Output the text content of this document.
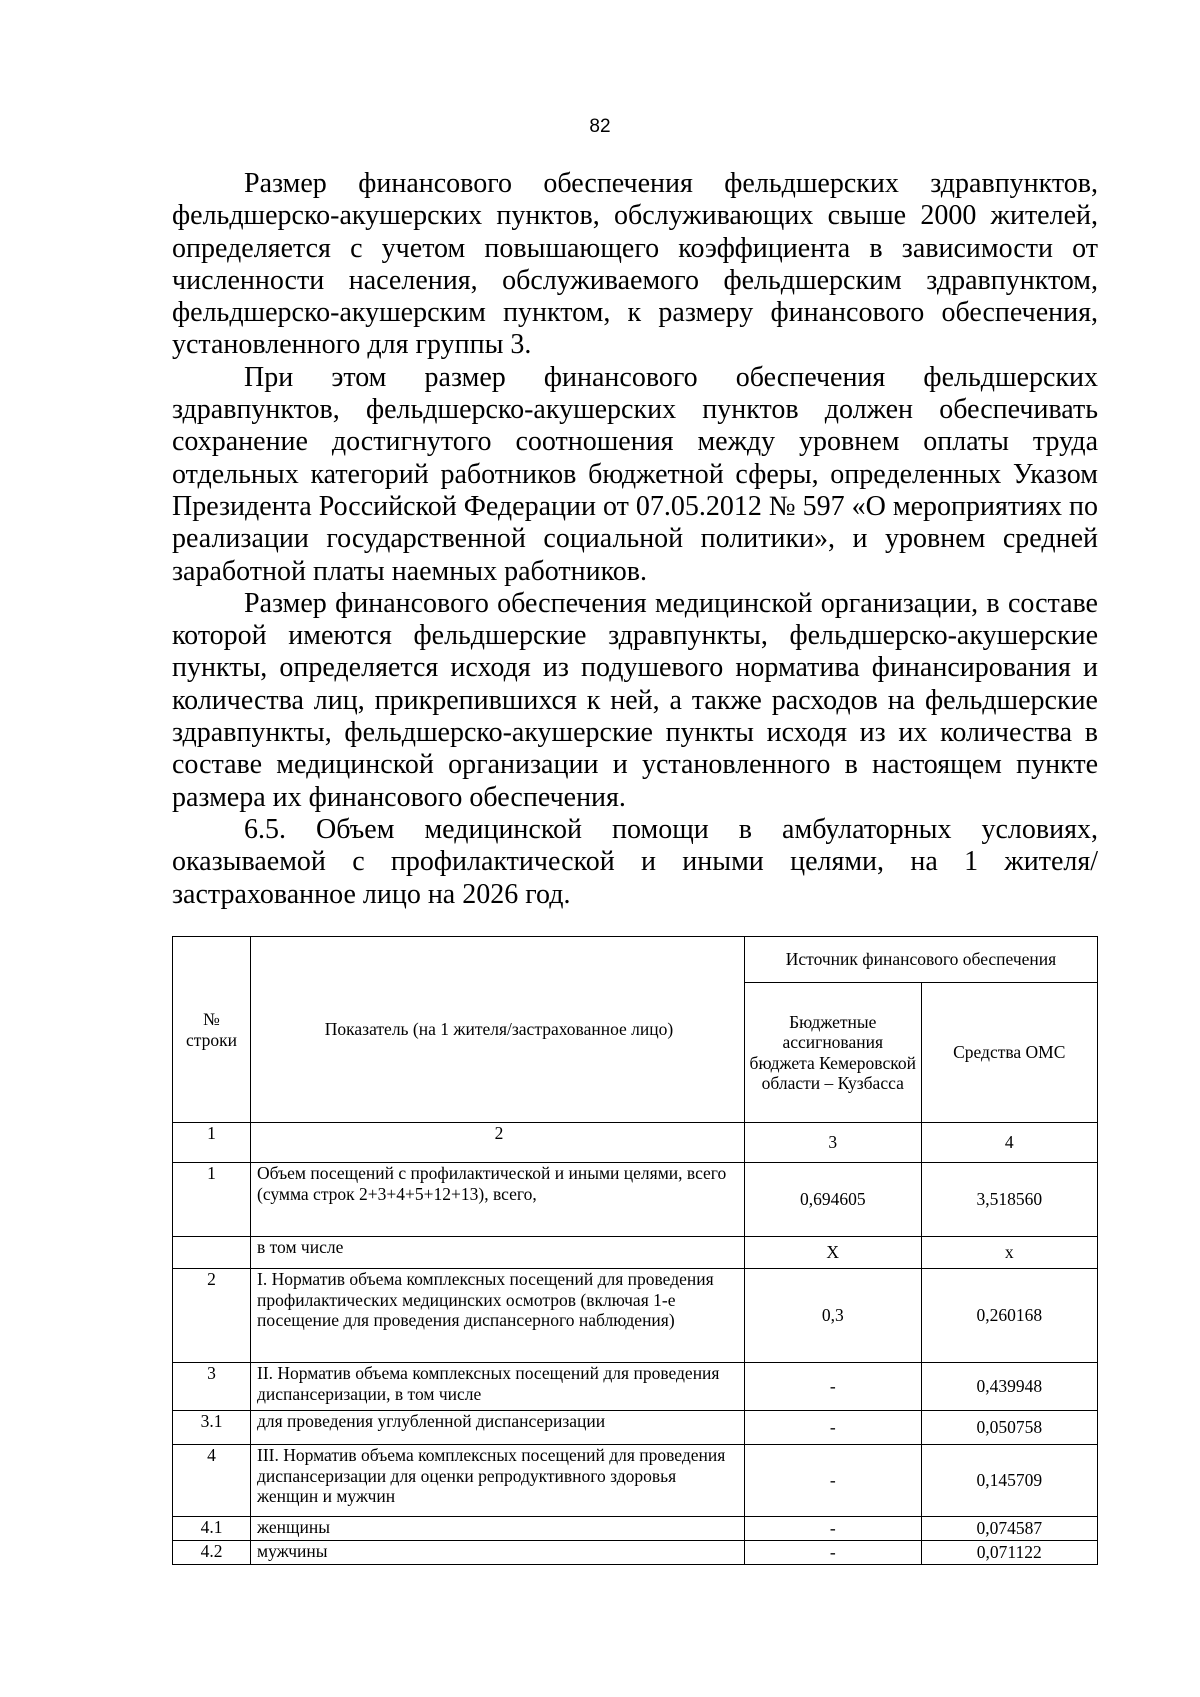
82

Размер финансового обеспечения фельдшерских здравпунктов, фельдшерско-акушерских пунктов, обслуживающих свыше 2000 жителей, определяется с учетом повышающего коэффициента в зависимости от численности населения, обслуживаемого фельдшерским здравпунктом, фельдшерско-акушерским пунктом, к размеру финансового обеспечения, установленного для группы 3.

При этом размер финансового обеспечения фельдшерских здравпунктов, фельдшерско-акушерских пунктов должен обеспечивать сохранение достигнутого соотношения между уровнем оплаты труда отдельных категорий работников бюджетной сферы, определенных Указом Президента Российской Федерации от 07.05.2012 № 597 «О мероприятиях по реализации государственной социальной политики», и уровнем средней заработной платы наемных работников.

Размер финансового обеспечения медицинской организации, в составе которой имеются фельдшерские здравпункты, фельдшерско-акушерские пункты, определяется исходя из подушевого норматива финансирования и количества лиц, прикрепившихся к ней, а также расходов на фельдшерские здравпункты, фельдшерско-акушерские пункты исходя из их количества в составе медицинской организации и установленного в настоящем пункте размера их финансового обеспечения.

6.5. Объем медицинской помощи в амбулаторных условиях, оказываемой с профилактической и иными целями, на 1 жителя/застрахованное лицо на 2026 год.

№ строки	Показатель (на 1 жителя/застрахованное лицо)	Источник финансового обеспечения	
		Бюджетные ассигнования бюджета Кемеровской области – Кузбасса	Средства ОМС
1	2	3	4
1	Объем посещений с профилактической и иными целями, всего (сумма строк 2+3+4+5+12+13), всего,	0,694605	3,518560
	в том числе	X	x
2	I. Норматив объема комплексных посещений для проведения профилактических медицинских осмотров (включая 1-е посещение для проведения диспансерного наблюдения)	0,3	0,260168
3	II. Норматив объема комплексных посещений для проведения диспансеризации, в том числе	-	0,439948
3.1	для проведения углубленной диспансеризации	-	0,050758
4	III. Норматив объема комплексных посещений для проведения диспансеризации для оценки репродуктивного здоровья женщин и мужчин	-	0,145709
4.1	женщины	-	0,074587
4.2	мужчины	-	0,071122
